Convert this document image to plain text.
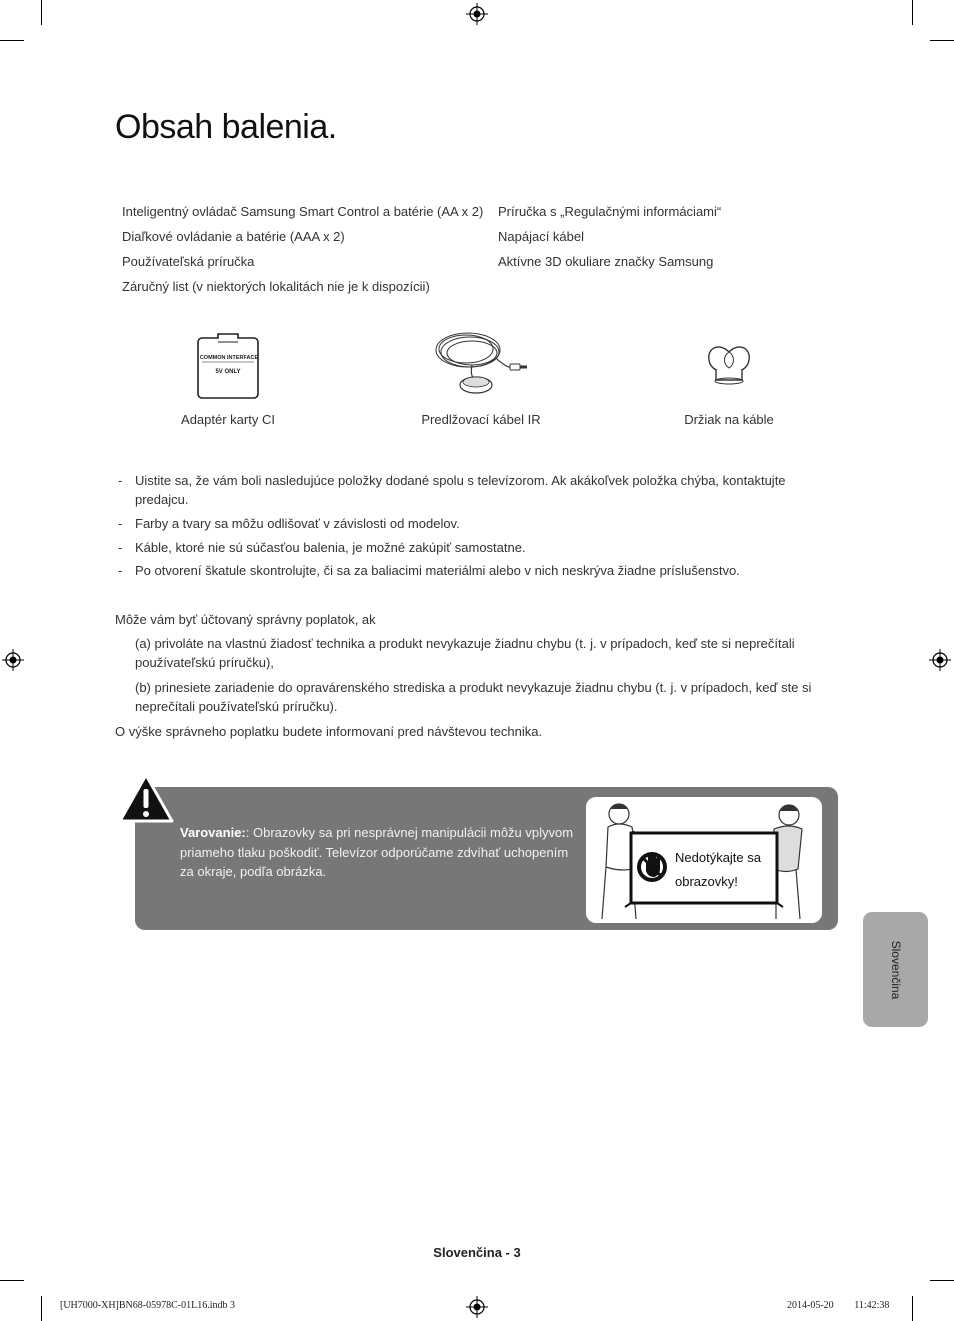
Obsah balenia.
Inteligentný ovládač Samsung Smart Control a batérie (AA x 2)
Diaľkové ovládanie a batérie (AAA x 2)
Používateľská príručka
Záručný list (v niektorých lokalitách nie je k dispozícii)
Príručka s „Regulačnými informáciami“
Napájací kábel
Aktívne 3D okuliare značky Samsung
COMMON INTERFACE
5V ONLY
Adaptér karty CI	Predlžovací kábel IR	Držiak na káble
- Uistite sa, že vám boli nasledujúce položky dodané spolu s televízorom. Ak akákoľvek položka chýba, kontaktujte predajcu.
- Farby a tvary sa môžu odlišovať v závislosti od modelov.
- Káble, ktoré nie sú súčasťou balenia, je možné zakúpiť samostatne.
- Po otvorení škatule skontrolujte, či sa za baliacimi materiálmi alebo v nich neskrýva žiadne príslušenstvo.
Môže vám byť účtovaný správny poplatok, ak
(a) privoláte na vlastnú žiadosť technika a produkt nevykazuje žiadnu chybu (t. j. v prípadoch, keď ste si neprečítali používateľskú príručku),
(b) prinesiete zariadenie do opravárenského strediska a produkt nevykazuje žiadnu chybu (t. j. v prípadoch, keď ste si neprečítali používateľskú príručku).
O výške správneho poplatku budete informovaní pred návštevou technika.
Varovanie:: Obrazovky sa pri nesprávnej manipulácii môžu vplyvom priameho tlaku poškodiť. Televízor odporúčame zdvíhať uchopením za okraje, podľa obrázka.
Nedotýkajte sa
obrazovky!
Slovenčina
Slovenčina - 3
[UH7000-XH]BN68-05978C-01L16.indb 3	2014-05-20 ￿￿ 11:42:38
